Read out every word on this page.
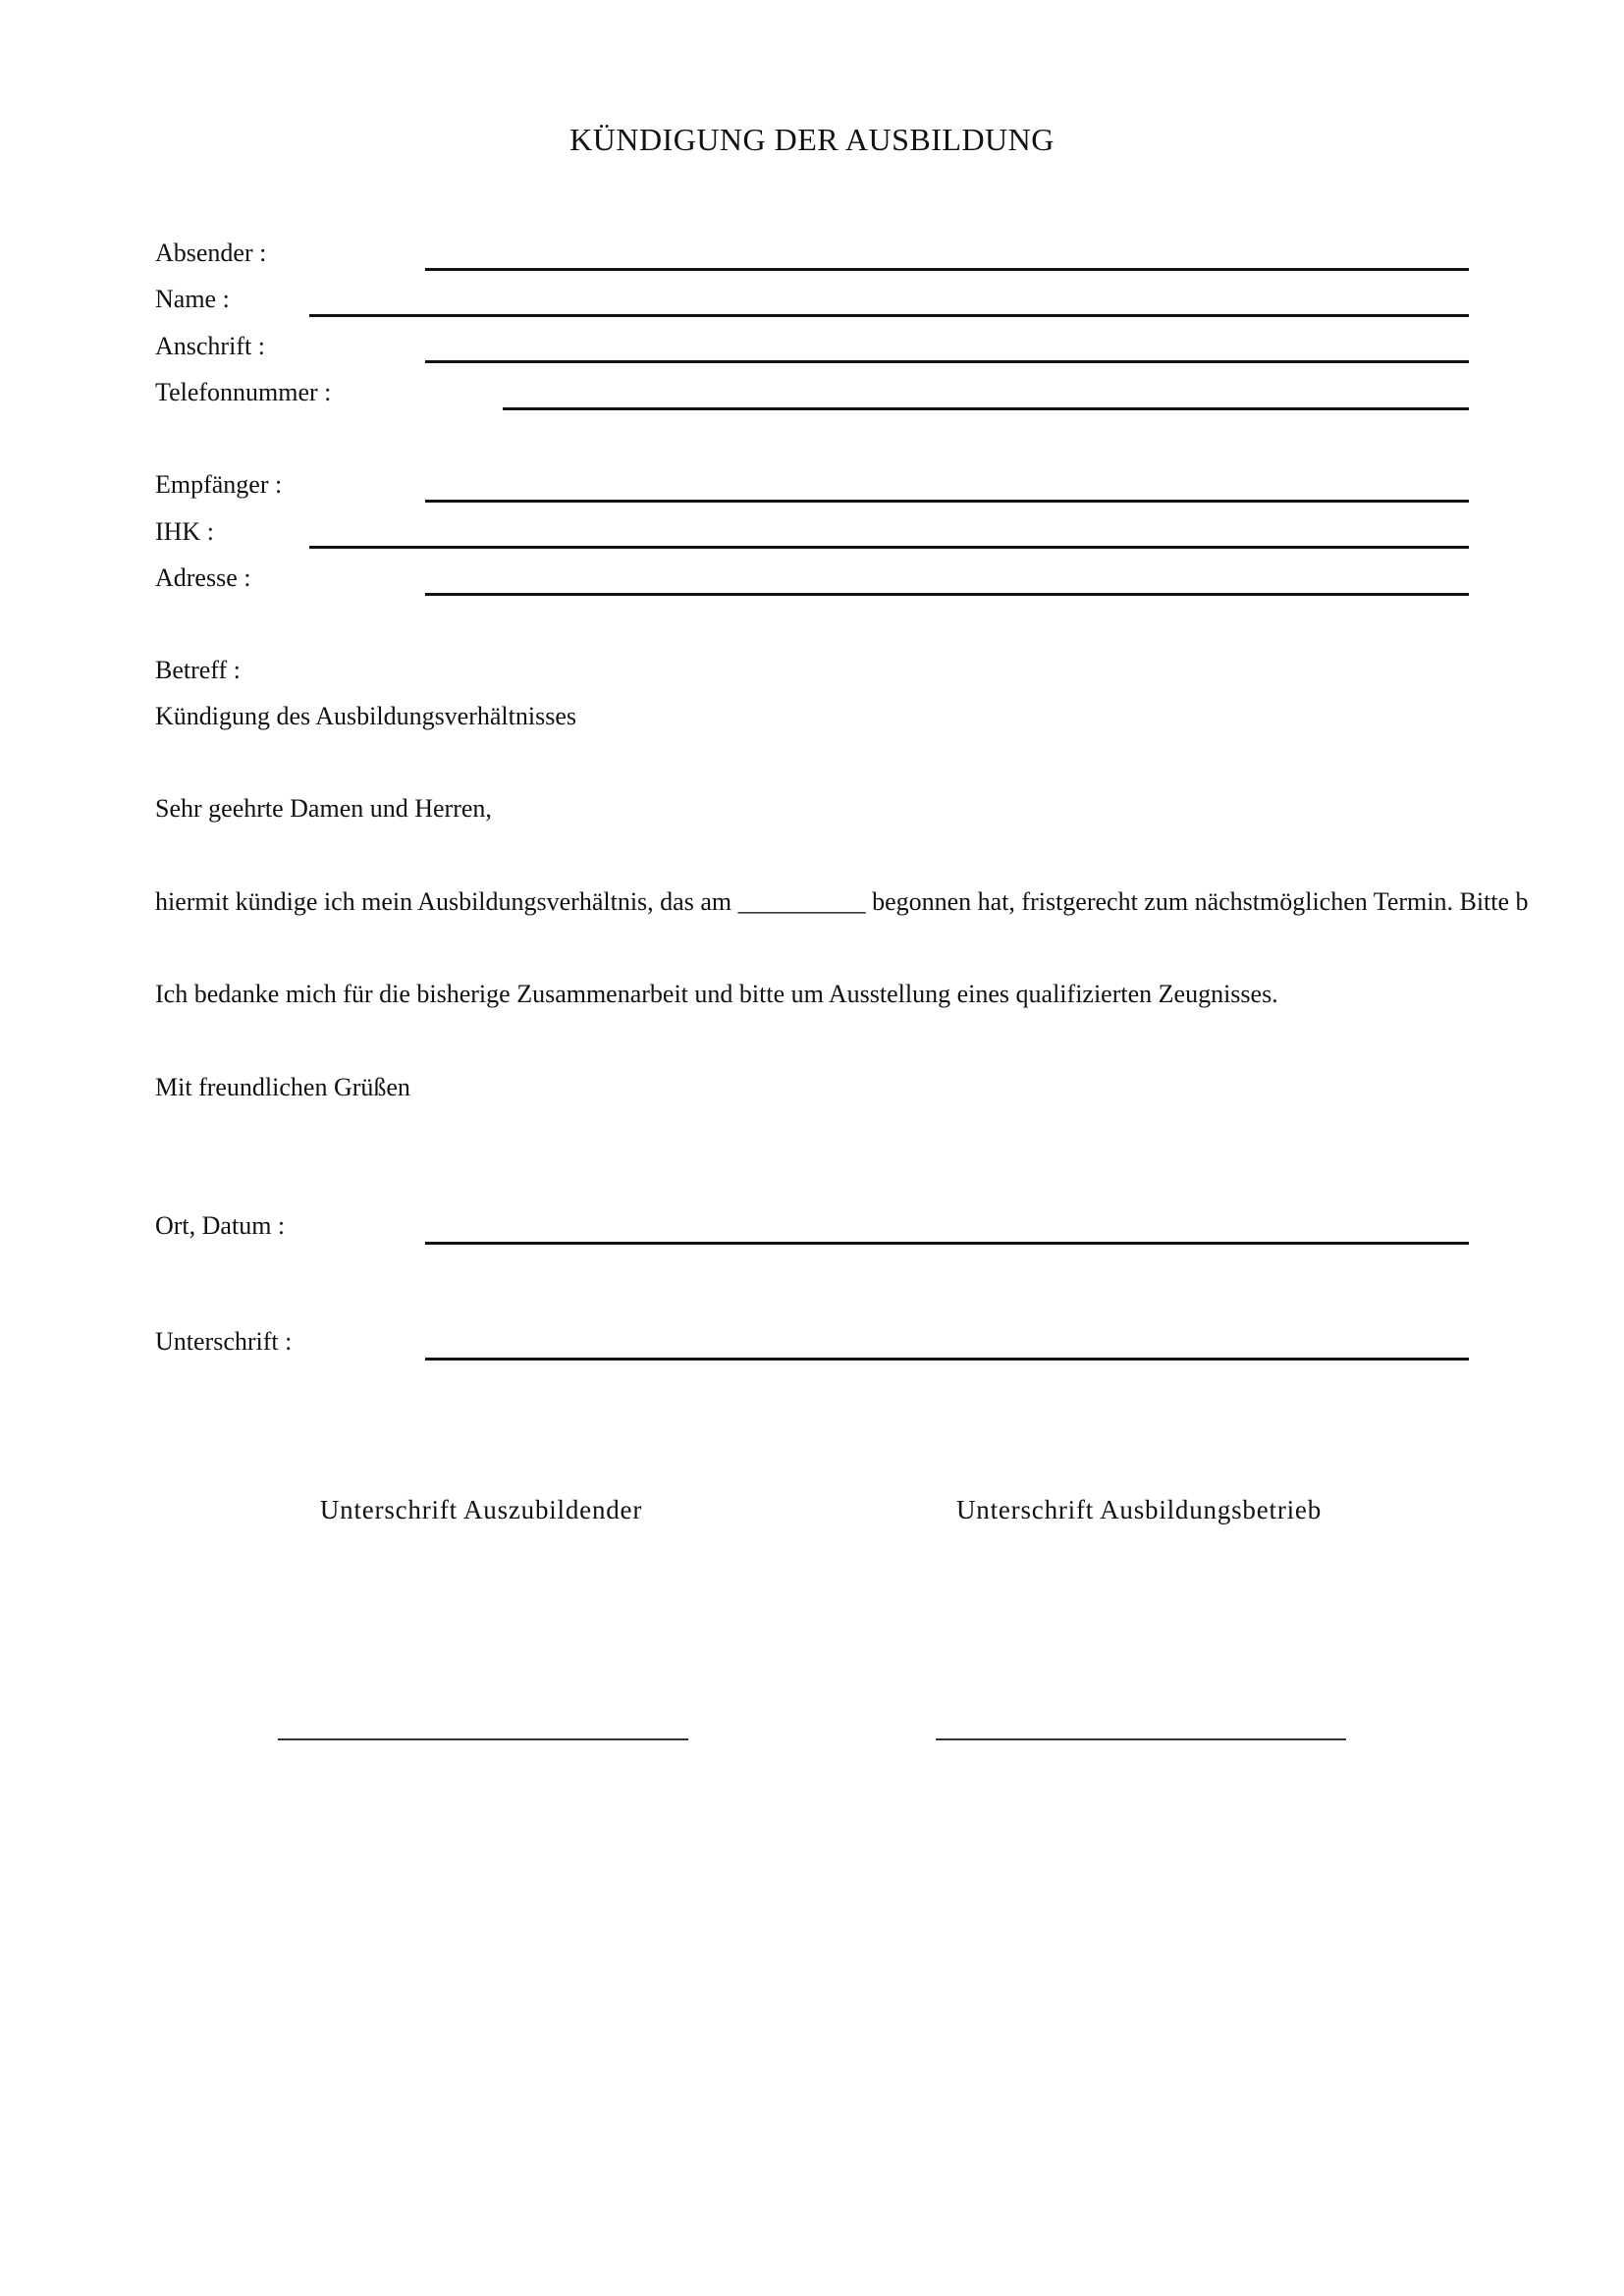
KÜNDIGUNG DER AUSBILDUNG
Absender :
Name :
Anschrift :
Telefonnummer :
Empfänger :
IHK :
Adresse :
Betreff :
Kündigung des Ausbildungsverhältnisses
Sehr geehrte Damen und Herren,
hiermit kündige ich mein Ausbildungsverhältnis, das am __________ begonnen hat, fristgerecht zum nächstmöglichen Termin. Bitte b
Ich bedanke mich für die bisherige Zusammenarbeit und bitte um Ausstellung eines qualifizierten Zeugnisses.
Mit freundlichen Grüßen
Ort, Datum :
Unterschrift :
Unterschrift Auszubildender	Unterschrift Ausbildungsbetrieb
